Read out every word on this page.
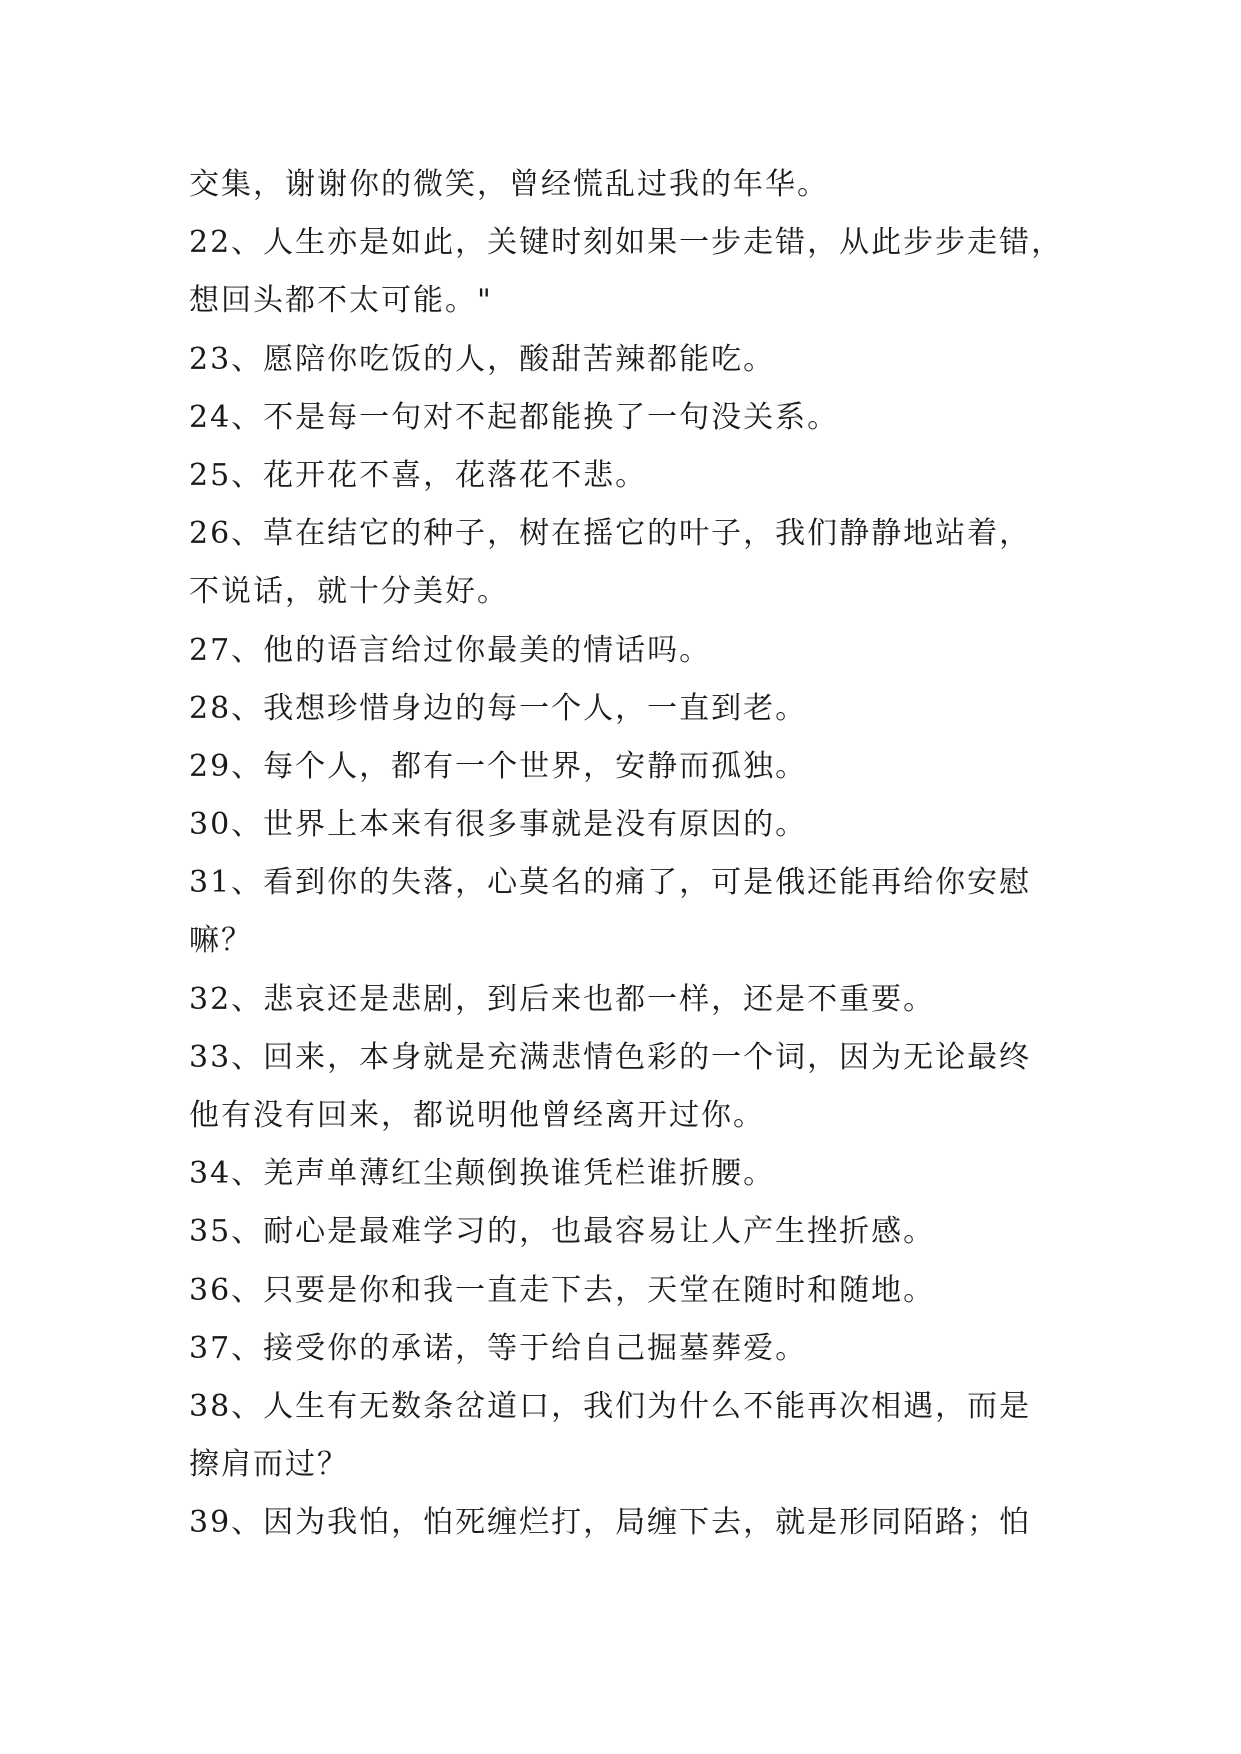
交集，谢谢你的微笑，曾经慌乱过我的年华。
22、人生亦是如此，关键时刻如果一步走错，从此步步走错，
想回头都不太可能。"
23、愿陪你吃饭的人，酸甜苦辣都能吃。
24、不是每一句对不起都能换了一句没关系。
25、花开花不喜，花落花不悲。
26、草在结它的种子，树在摇它的叶子，我们静静地站着，
不说话，就十分美好。
27、他的语言给过你最美的情话吗。
28、我想珍惜身边的每一个人，一直到老。
29、每个人，都有一个世界，安静而孤独。
30、世界上本来有很多事就是没有原因的。
31、看到你的失落，心莫名的痛了，可是俄还能再给你安慰
嘛？
32、悲哀还是悲剧，到后来也都一样，还是不重要。
33、回来，本身就是充满悲情色彩的一个词，因为无论最终
他有没有回来，都说明他曾经离开过你。
34、羌声单薄红尘颠倒换谁凭栏谁折腰。
35、耐心是最难学习的，也最容易让人产生挫折感。
36、只要是你和我一直走下去，天堂在随时和随地。
37、接受你的承诺，等于给自己掘墓葬爱。
38、人生有无数条岔道口，我们为什么不能再次相遇，而是
擦肩而过？
39、因为我怕，怕死缠烂打，局缠下去，就是形同陌路；怕
